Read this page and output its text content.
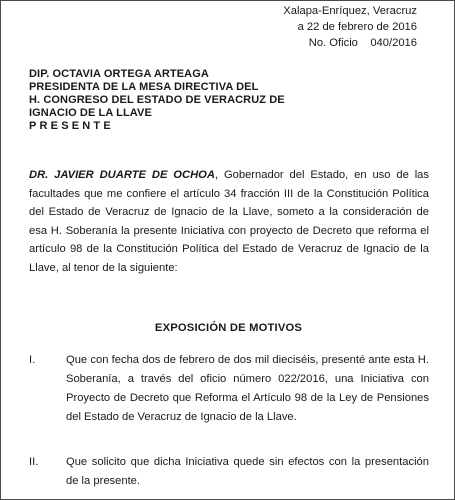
Xalapa-Enríquez, Veracruz
a 22 de febrero de 2016
No. Oficio    040/2016
DIP. OCTAVIA ORTEGA ARTEAGA
PRESIDENTA DE LA MESA DIRECTIVA DEL
H. CONGRESO DEL ESTADO DE VERACRUZ DE
IGNACIO DE LA LLAVE
PRESENTE
DR. JAVIER DUARTE DE OCHOA, Gobernador del Estado, en uso de las facultades que me confiere el artículo 34 fracción III de la Constitución Política del Estado de Veracruz de Ignacio de la Llave, someto a la consideración de esa H. Soberanía la presente Iniciativa con proyecto de Decreto que reforma el artículo 98 de la Constitución Política del Estado de Veracruz de Ignacio de la Llave, al tenor de la siguiente:
EXPOSICIÓN DE MOTIVOS
I.	Que con fecha dos de febrero de dos mil dieciséis, presenté ante esta H. Soberanía, a través del oficio número 022/2016, una Iniciativa con Proyecto de Decreto que Reforma el Artículo 98 de la Ley de Pensiones del Estado de Veracruz de Ignacio de la Llave.
II.	Que solicito que dicha Iniciativa quede sin efectos con la presentación de la presente.
